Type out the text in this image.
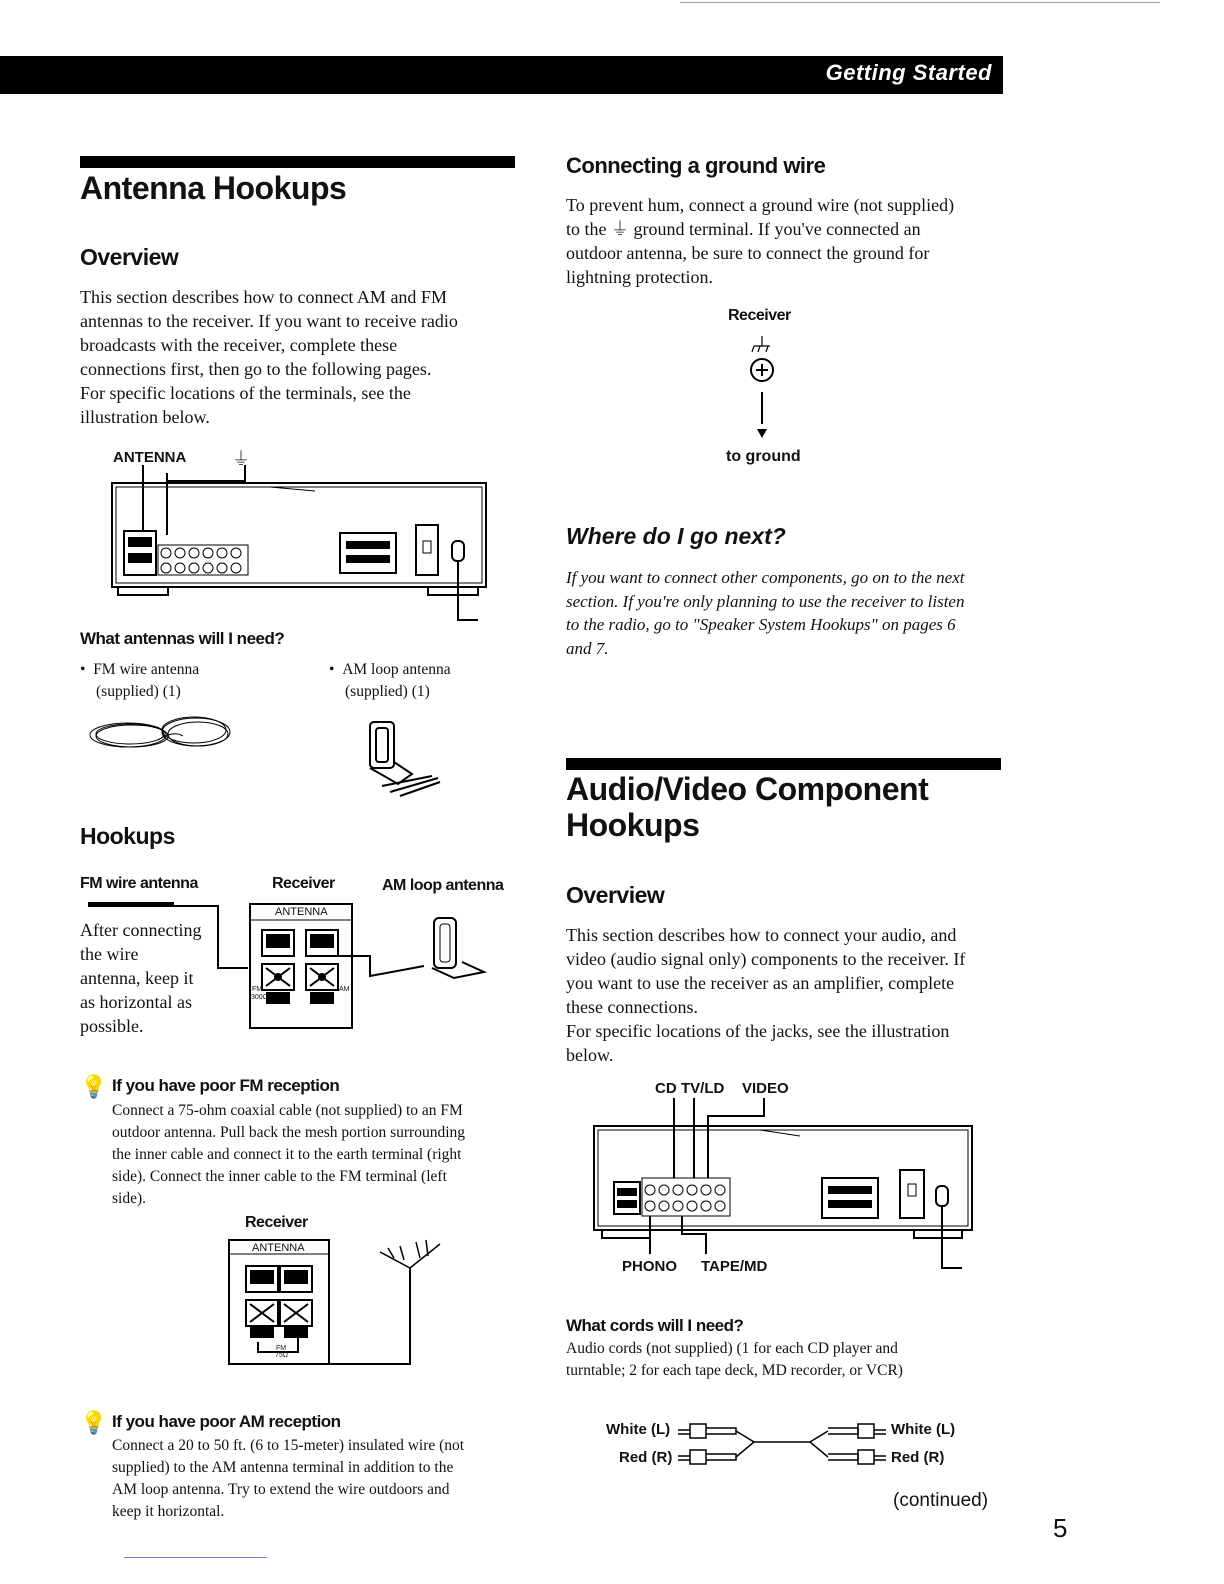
Getting Started
Antenna Hookups
Overview

This section describes how to connect AM and FM

antennas to the receiver. If you want to receive radio

broadcasts with the receiver, complete these

connections first, then go to the following pages.

For specific locations of the terminals, see the

illustration below.

ANTENNA	⏚
What antennas will I need?
•  FM wire antenna
(supplied) (1)
•  AM loop antenna
(supplied) (1)
Hookups
FM wire antenna	Receiver	AM loop antenna
After connecting
the wire
antenna, keep it
as horizontal as
possible.
ANTENNA
FM
300Ω
AM
💡 If you have poor FM reception
Connect a 75-ohm coaxial cable (not supplied) to an FM
outdoor antenna. Pull back the mesh portion surrounding
the inner cable and connect it to the earth terminal (right
side). Connect the inner cable to the FM terminal (left
side).
Receiver
ANTENNA
FM
75Ω
💡 If you have poor AM reception
Connect a 20 to 50 ft. (6 to 15-meter) insulated wire (not
supplied) to the AM antenna terminal in addition to the
AM loop antenna. Try to extend the wire outdoors and
keep it horizontal.
Connecting a ground wire

To prevent hum, connect a ground wire (not supplied)

to the ⏚ ground terminal. If you've connected an

outdoor antenna, be sure to connect the ground for

lightning protection.

Receiver
to ground
Where do I go next?
If you want to connect other components, go on to the next
section. If you're only planning to use the receiver to listen
to the radio, go to "Speaker System Hookups" on pages 6
and 7.
Audio/Video Component
Hookups
Overview

This section describes how to connect your audio, and

video (audio signal only) components to the receiver. If

you want to use the receiver as an amplifier, complete

these connections.

For specific locations of the jacks, see the illustration

below.

CD TV/LD VIDEO
PHONO TAPE/MD
What cords will I need?
Audio cords (not supplied) (1 for each CD player and
turntable; 2 for each tape deck, MD recorder, or VCR)
White (L)
Red (R)
White (L)
Red (R)
(continued)
5
